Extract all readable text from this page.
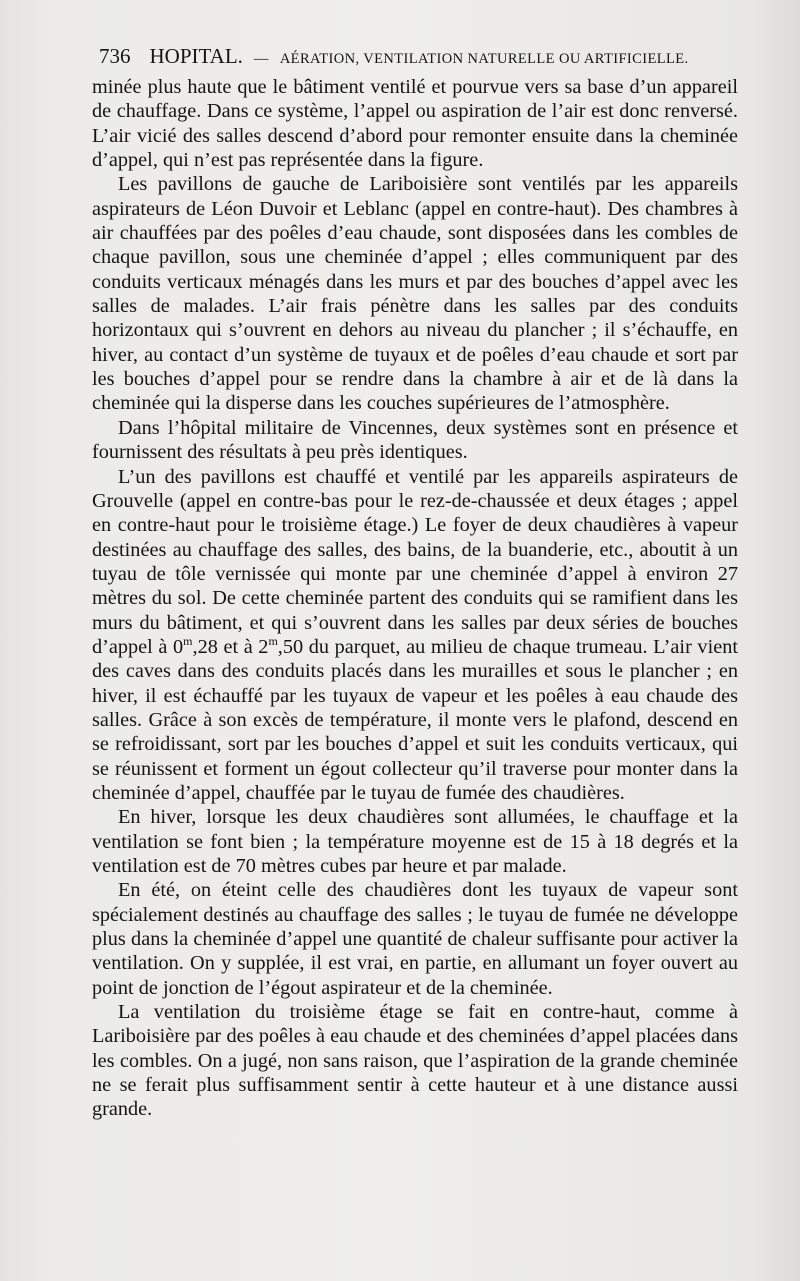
736 HOPITAL. — AÉRATION, VENTILATION NATURELLE OU ARTIFICIELLE.

minée plus haute que le bâtiment ventilé et pourvue vers sa base d’un appareil de chauffage. Dans ce système, l’appel ou aspiration de l’air est donc renversé. L’air vicié des salles descend d’abord pour remonter ensuite dans la cheminée d’appel, qui n’est pas représentée dans la figure.

Les pavillons de gauche de Lariboisière sont ventilés par les appareils aspirateurs de Léon Duvoir et Leblanc (appel en contre-haut). Des chambres à air chauffées par des poêles d’eau chaude, sont disposées dans les combles de chaque pavillon, sous une cheminée d’appel ; elles communiquent par des conduits verticaux ménagés dans les murs et par des bouches d’appel avec les salles de malades. L’air frais pénètre dans les salles par des conduits horizontaux qui s’ouvrent en dehors au niveau du plancher ; il s’échauffe, en hiver, au contact d’un système de tuyaux et de poêles d’eau chaude et sort par les bouches d’appel pour se rendre dans la chambre à air et de là dans la cheminée qui la disperse dans les couches supérieures de l’atmosphère.

Dans l’hôpital militaire de Vincennes, deux systèmes sont en présence et fournissent des résultats à peu près identiques.

L’un des pavillons est chauffé et ventilé par les appareils aspirateurs de Grouvelle (appel en contre-bas pour le rez-de-chaussée et deux étages ; appel en contre-haut pour le troisième étage.) Le foyer de deux chaudières à vapeur destinées au chauffage des salles, des bains, de la buanderie, etc., aboutit à un tuyau de tôle vernissée qui monte par une cheminée d’appel à environ 27 mètres du sol. De cette cheminée partent des conduits qui se ramifient dans les murs du bâtiment, et qui s’ouvrent dans les salles par deux séries de bouches d’appel à 0$^m$,28 et à 2$^m$,50 du parquet, au milieu de chaque trumeau. L’air vient des caves dans des conduits placés dans les murailles et sous le plancher ; en hiver, il est échauffé par les tuyaux de vapeur et les poêles à eau chaude des salles. Grâce à son excès de température, il monte vers le plafond, descend en se refroidissant, sort par les bouches d’appel et suit les conduits verticaux, qui se réunissent et forment un égout collecteur qu’il traverse pour monter dans la cheminée d’appel, chauffée par le tuyau de fumée des chaudières.

En hiver, lorsque les deux chaudières sont allumées, le chauffage et la ventilation se font bien ; la température moyenne est de 15 à 18 degrés et la ventilation est de 70 mètres cubes par heure et par malade.

En été, on éteint celle des chaudières dont les tuyaux de vapeur sont spécialement destinés au chauffage des salles ; le tuyau de fumée ne développe plus dans la cheminée d’appel une quantité de chaleur suffisante pour activer la ventilation. On y supplée, il est vrai, en partie, en allumant un foyer ouvert au point de jonction de l’égout aspirateur et de la cheminée.

La ventilation du troisième étage se fait en contre-haut, comme à Lariboisière par des poêles à eau chaude et des cheminées d’appel placées dans les combles. On a jugé, non sans raison, que l’aspiration de la grande cheminée ne se ferait plus suffisamment sentir à cette hauteur et à une distance aussi grande.
